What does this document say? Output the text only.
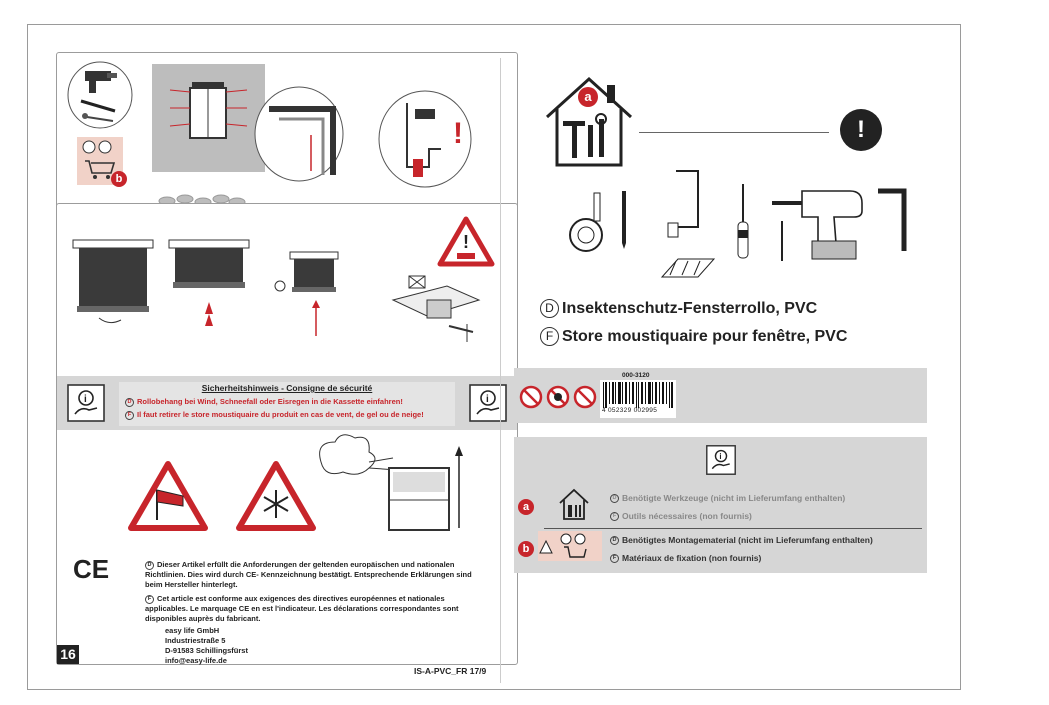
b
!
!
i
Sicherheitshinweis - Consigne de sécurité
D Rollobehang bei Wind, Schneefall oder Eisregen in die Kassette einfahren!
F Il faut retirer le store moustiquaire du produit en cas de vent, de gel ou de neige!
i
CE	D Dieser Artikel erfüllt die Anforderungen der geltenden europäischen und nationalen Richtlinien. Dies wird durch CE- Kennzeichnung bestätigt. Entsprechende Erklärungen sind beim Hersteller hinterlegt.
F Cet article est conforme aux exigences des directives européennes et nationales applicables. Le marquage CE en est l'indicateur. Les déclarations correspondantes sont disponibles auprès du fabricant.
easy life GmbH
Industriestraße 5
D-91583 Schillingsfürst
info@easy-life.de
16
IS-A-PVC_FR 17/9
a
!
D Insektenschutz-Fensterrollo, PVC
F Store moustiquaire pour fenêtre, PVC
000-3120
4 052329 002995
i
a
D Benötigte Werkzeuge (nicht im Lieferumfang enthalten)
F Outils nécessaires (non fournis)
b
D Benötigtes Montagematerial (nicht im Lieferumfang enthalten)
F Matériaux de fixation (non fournis)
